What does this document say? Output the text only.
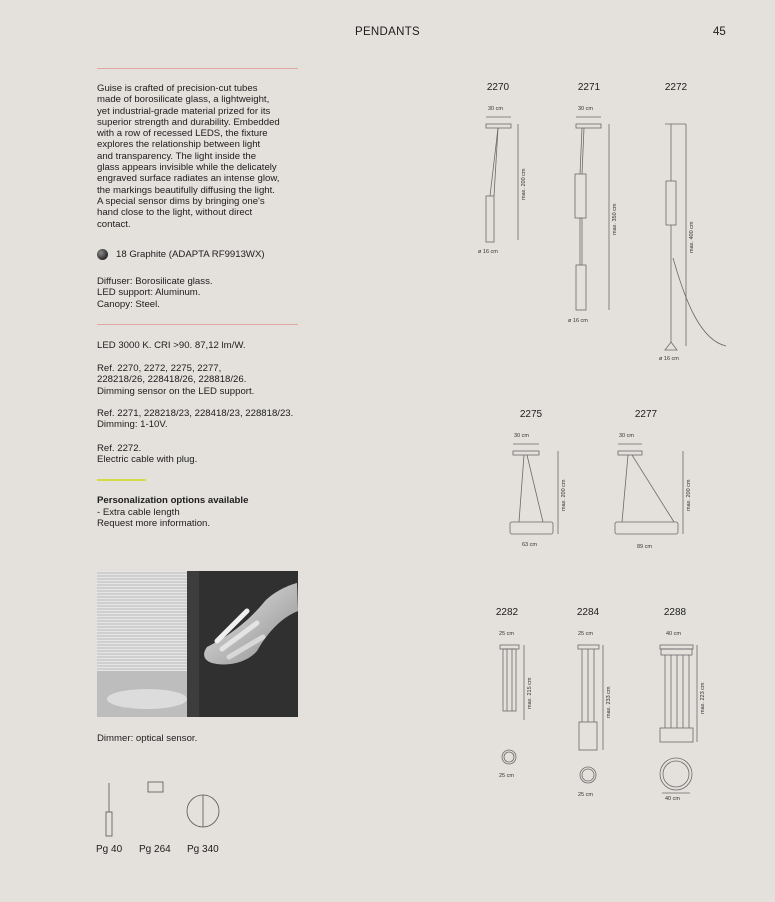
PENDANTS	45
Guise is crafted of precision-cut tubes
made of borosilicate glass, a lightweight,
yet industrial-grade material prized for its
superior strength and durability. Embedded
with a row of recessed LEDS, the fixture
explores the relationship between light
and transparency. The light inside the
glass appears invisible while the delicately
engraved surface radiates an intense glow,
the markings beautifully diffusing the light.
A special sensor dims by bringing one's
hand close to the light, without direct
contact.
18 Graphite (ADAPTA RF9913WX)
Diffuser: Borosilicate glass.
LED support: Aluminum.
Canopy: Steel.
LED 3000 K. CRI >90. 87,12 lm/W.
Ref. 2270, 2272, 2275, 2277,
228218/26, 228418/26, 228818/26.
Dimming sensor on the LED support.
Ref. 2271, 228218/23, 228418/23, 228818/23.
Dimming: 1-10V.
Ref. 2272.
Electric cable with plug.
Personalization options available
- Extra cable length
Request more information.
Dimmer: optical sensor.
Pg 40 Pg 264 Pg 340
2270	2271	2272
2275	2277
2282	2284	2288
30 cm	30 cm
30 cm	30 cm
25 cm	25 cm	40 cm
max. 200 cm
max. 350 cm
max. 400 cm
max. 200 cm	max. 200 cm
max. 215 cm	max. 233 cm	max. 223 cm
ø 16 cm
ø 16 cm
ø 16 cm
63 cm	89 cm
25 cm
25 cm
40 cm
